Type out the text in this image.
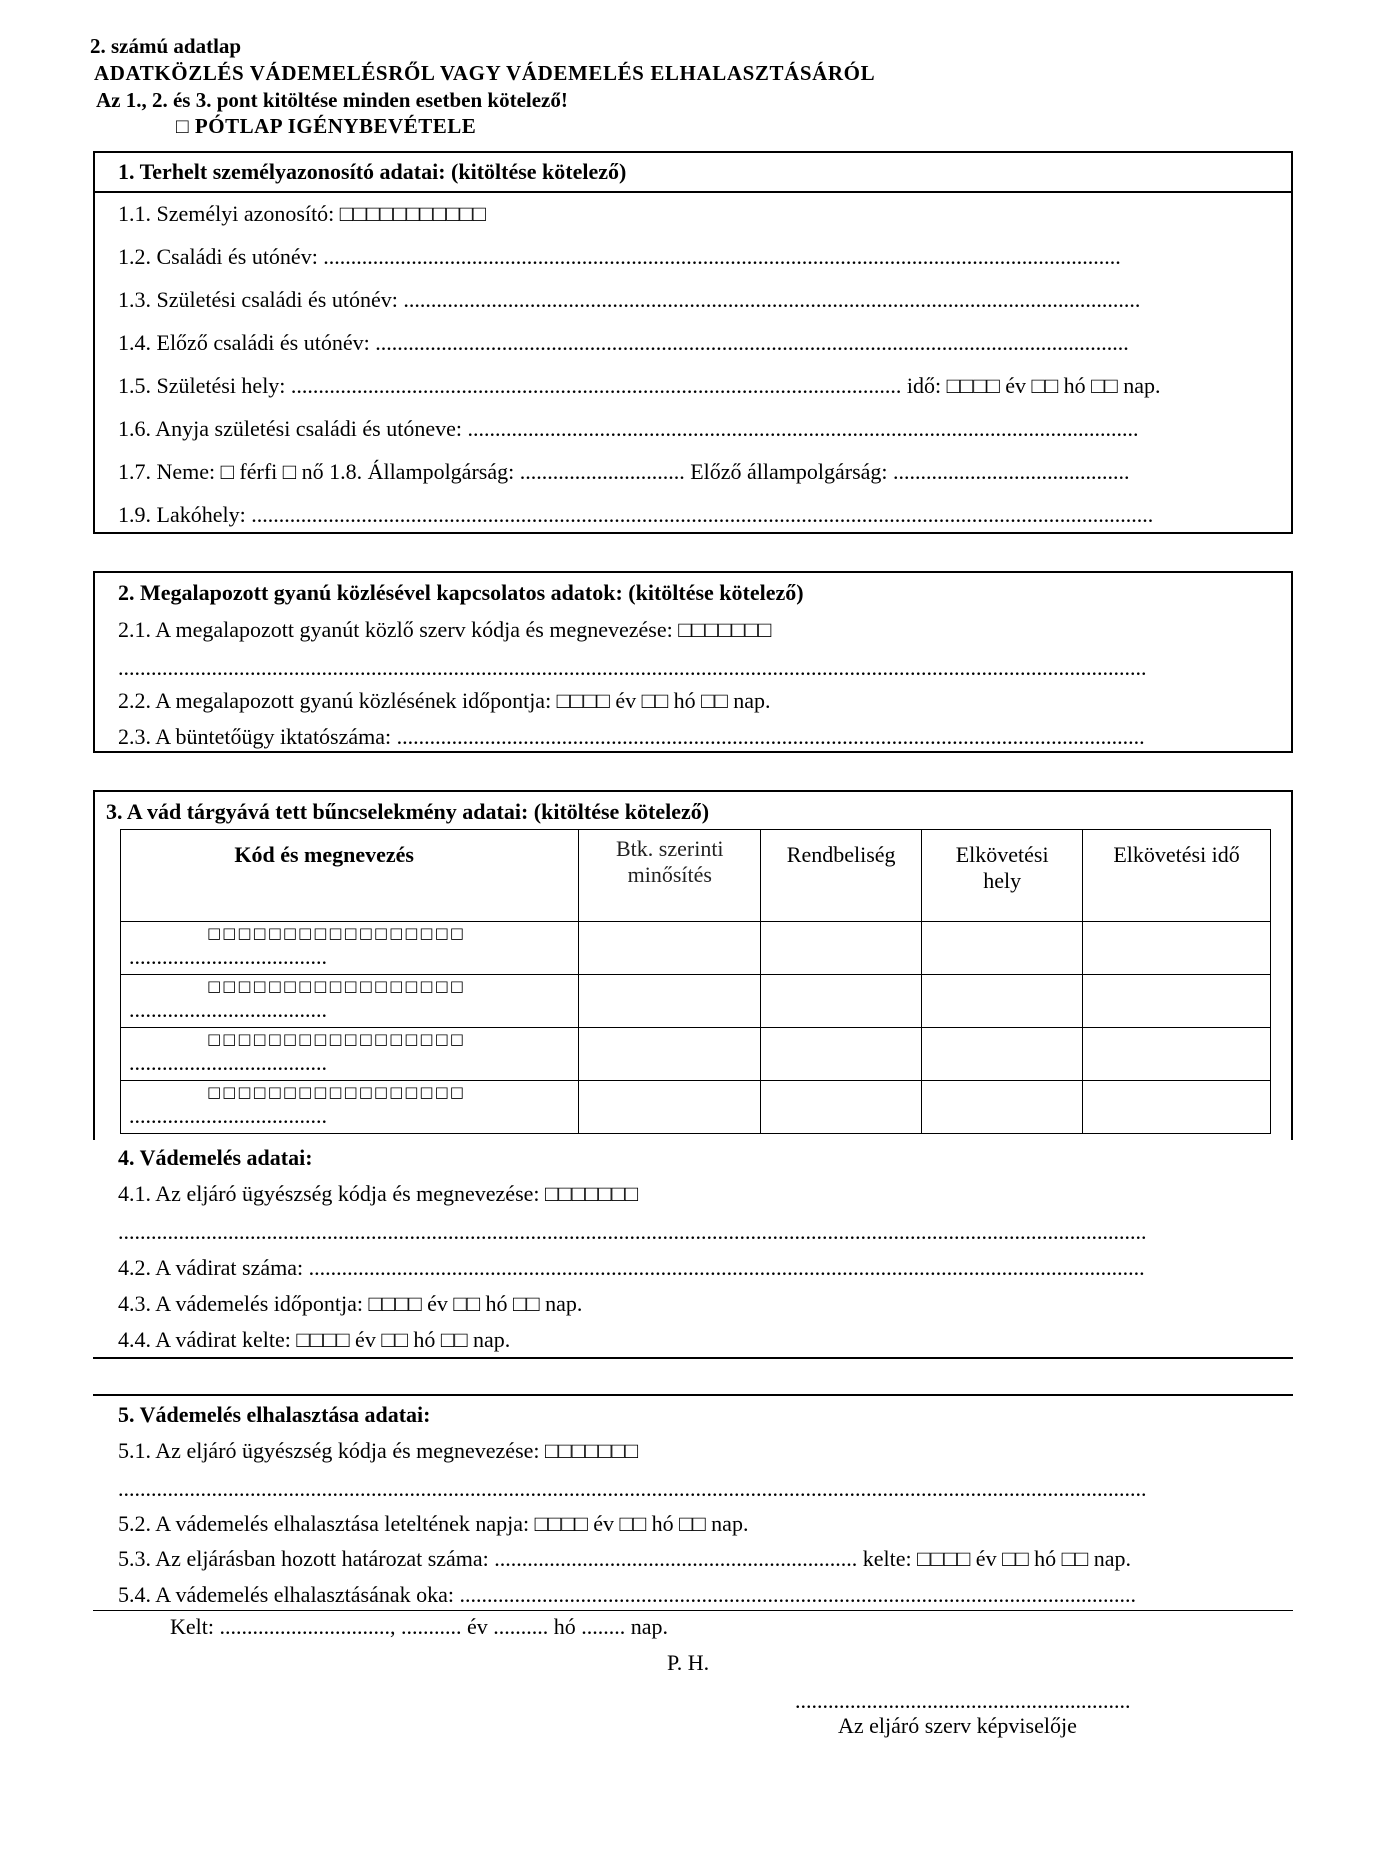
2. számú adatlap
ADATKÖZLÉS VÁDEMELÉSRŐL VAGY VÁDEMELÉS ELHALASZTÁSÁRÓL
Az 1., 2. és 3. pont kitöltése minden esetben kötelező!
□ PÓTLAP IGÉNYBEVÉTELE
1. Terhelt személyazonosító adatai: (kitöltése kötelező)
1.1. Személyi azonosító: □□□□□□□□□□□
1.2. Családi és utónév: .................................................................................................................................................
1.3. Születési családi és utónév: ......................................................................................................................................
1.4. Előző családi és utónév: .........................................................................................................................................
1.5. Születési hely: ............................................................................................................... idő: □□□□ év □□ hó □□ nap.
1.6. Anyja születési családi és utóneve: ..........................................................................................................................
1.7. Neme: □ férfi □ nő 1.8. Állampolgárság: .............................. Előző állampolgárság: ...........................................
1.9. Lakóhely: ....................................................................................................................................................................
2. Megalapozott gyanú közlésével kapcsolatos adatok: (kitöltése kötelező)
2.1. A megalapozott gyanút közlő szerv kódja és megnevezése: □□□□□□□
...........................................................................................................................................................................................
2.2. A megalapozott gyanú közlésének időpontja: □□□□ év □□ hó □□ nap.
2.3. A büntetőügy iktatószáma: ........................................................................................................................................
3. A vád tárgyává tett bűncselekmény adatai: (kitöltése kötelező)
Kód és megnevezés	Btk. szerinti minősítés	Rendbeliség	Elkövetési hely	Elkövetési idő

□□□□□□□□□□□□□□□□□
....................................				

□□□□□□□□□□□□□□□□□
....................................				

□□□□□□□□□□□□□□□□□
....................................				

□□□□□□□□□□□□□□□□□
....................................				

4. Vádemelés adatai:
4.1. Az eljáró ügyészség kódja és megnevezése: □□□□□□□
...........................................................................................................................................................................................
4.2. A vádirat száma: ........................................................................................................................................................
4.3. A vádemelés időpontja: □□□□ év □□ hó □□ nap.
4.4. A vádirat kelte: □□□□ év □□ hó □□ nap.
5. Vádemelés elhalasztása adatai:
5.1. Az eljáró ügyészség kódja és megnevezése: □□□□□□□
...........................................................................................................................................................................................
5.2. A vádemelés elhalasztása leteltének napja: □□□□ év □□ hó □□ nap.
5.3. Az eljárásban hozott határozat száma: .................................................................. kelte: □□□□ év □□ hó □□ nap.
5.4. A vádemelés elhalasztásának oka: ...........................................................................................................................
Kelt: ..............................., ........... év .......... hó ........ nap.
P. H.
.............................................................
Az eljáró szerv képviselője
